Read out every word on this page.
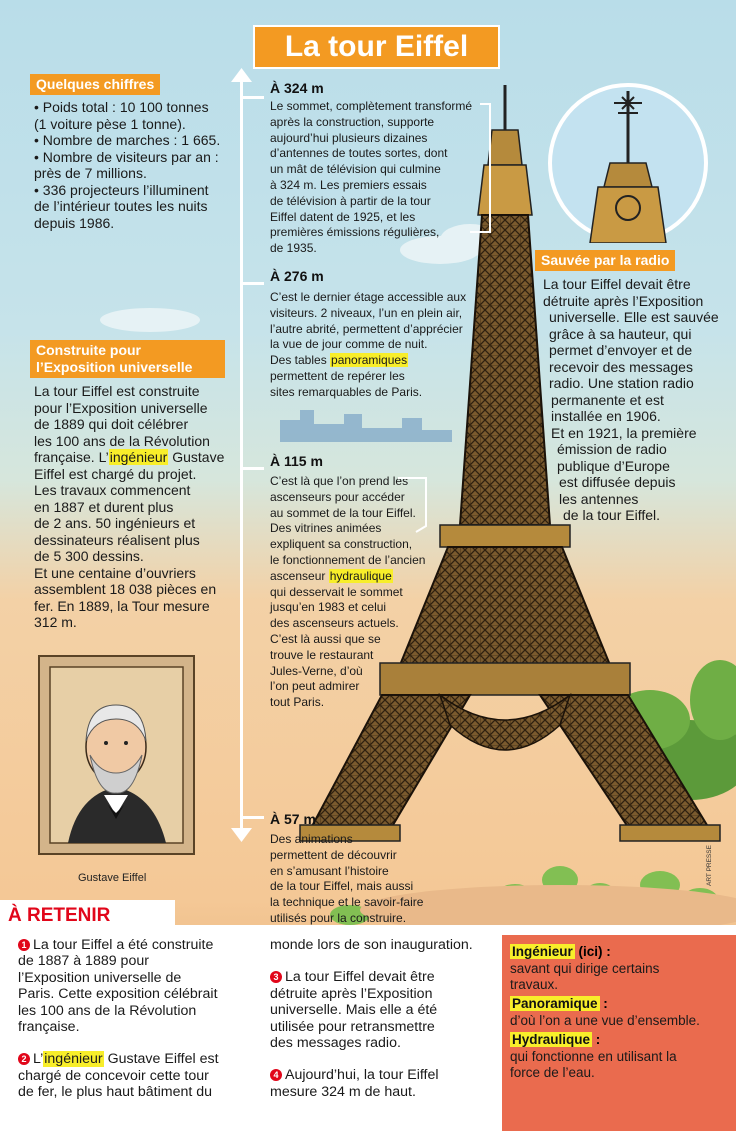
La tour Eiffel
Quelques chiffres
• Poids total : 10 100 tonnes
(1 voiture pèse 1 tonne).
• Nombre de marches : 1 665.
• Nombre de visiteurs par an :
près de 7 millions.
• 336 projecteurs l’illuminent
de l’intérieur toutes les nuits
depuis 1986.
Construite pour
l’Exposition universelle
La tour Eiffel est construite
pour l’Exposition universelle
de 1889 qui doit célébrer
les 100 ans de la Révolution
française. L’ingénieur Gustave
Eiffel est chargé du projet.
Les travaux commencent
en 1887 et durent plus
de 2 ans. 50 ingénieurs et
dessinateurs réalisent plus
de 5 300 dessins.
Et une centaine d’ouvriers
assemblent 18 038 pièces en
fer. En 1889, la Tour mesure
312 m.
Gustave Eiffel
À 324 m
Le sommet, complètement transformé
après la construction, supporte
aujourd’hui plusieurs dizaines
d’antennes de toutes sortes, dont
un mât de télévision qui culmine
à 324 m. Les premiers essais
de télévision à partir de la tour
Eiffel datent de 1925, et les
premières émissions régulières,
de 1935.
À 276 m
C’est le dernier étage accessible aux
visiteurs. 2 niveaux, l’un en plein air,
l’autre abrité, permettent d’apprécier
la vue de jour comme de nuit.
Des tables panoramiques
permettent de repérer les
sites remarquables de Paris.
À 115 m
C’est là que l’on prend les
ascenseurs pour accéder
au sommet de la tour Eiffel.
Des vitrines animées
expliquent sa construction,
le fonctionnement de l’ancien
ascenseur hydraulique
qui desservait le sommet
jusqu’en 1983 et celui
des ascenseurs actuels.
C’est là aussi que se
trouve le restaurant
Jules-Verne, d’où
l’on peut admirer
tout Paris.
À 57 m
Des animations
permettent de découvrir
en s’amusant l’histoire
de la tour Eiffel, mais aussi
la technique et le savoir-faire
utilisés pour la construire.
Sauvée par la radio
La tour Eiffel devait être
détruite après l’Exposition
universelle. Elle est sauvée
grâce à sa hauteur, qui
permet d’envoyer et de
recevoir des messages
radio. Une station radio
permanente et est
installée en 1906.
Et en 1921, la première
émission de radio
publique d’Europe
est diffusée depuis
les antennes
de la tour Eiffel.
ART PRESSE
À RETENIR
1 La tour Eiffel a été construite
de 1887 à 1889 pour
l’Exposition universelle de
Paris. Cette exposition célébrait
les 100 ans de la Révolution
française.
2 L’ingénieur Gustave Eiffel est
chargé de concevoir cette tour
de fer, le plus haut bâtiment du
monde lors de son inauguration.
3 La tour Eiffel devait être
détruite après l’Exposition
universelle. Mais elle a été
utilisée pour retransmettre
des messages radio.
4 Aujourd’hui, la tour Eiffel
mesure 324 m de haut.
Ingénieur (ici) :
savant qui dirige certains
travaux.
Panoramique :
d’où l’on a une vue d’ensemble.
Hydraulique :
qui fonctionne en utilisant la
force de l’eau.
